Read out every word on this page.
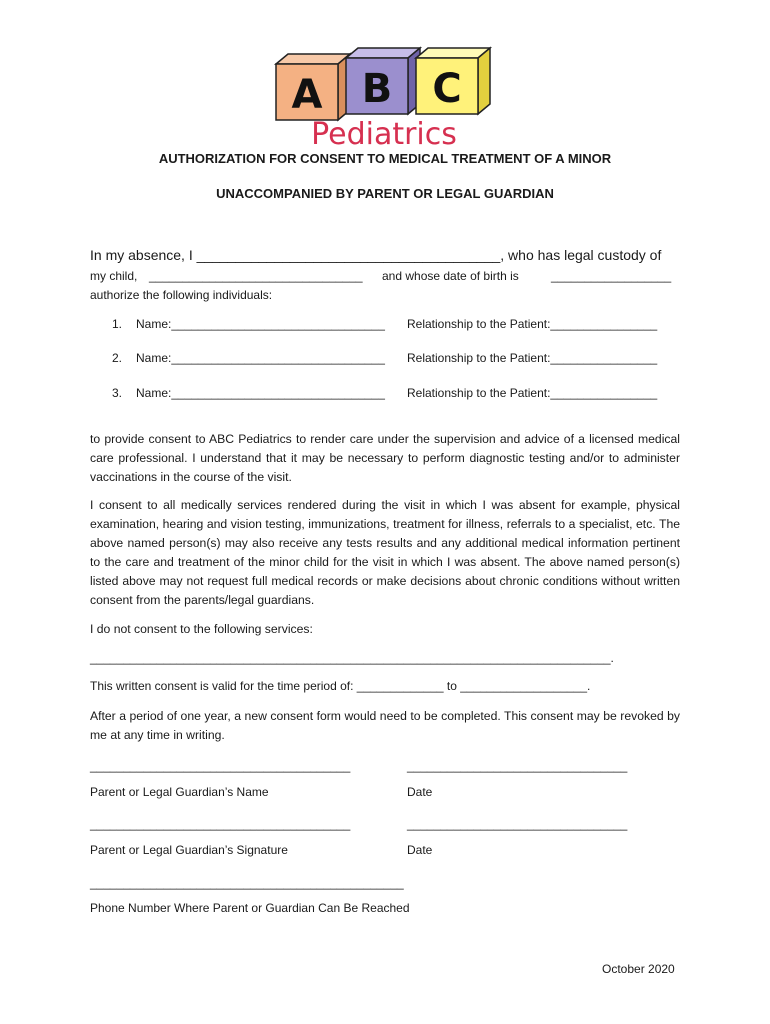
A B C
Pediatrics
AUTHORIZATION FOR CONSENT TO MEDICAL TREATMENT OF A MINOR
UNACCOMPANIED BY PARENT OR LEGAL GUARDIAN
In my absence, I _______________________________________, who has legal custody of
my child, ________________________________ and whose date of birth is	__________________
authorize the following individuals:
1. Name:________________________________ Relationship to the Patient:________________
2. Name:________________________________ Relationship to the Patient:________________
3. Name:________________________________ Relationship to the Patient:________________
to provide consent to ABC Pediatrics to render care under the supervision and advice of a licensed medical care professional. I understand that it may be necessary to perform diagnostic testing and/or to administer vaccinations in the course of the visit.
I consent to all medically services rendered during the visit in which I was absent for example, physical examination, hearing and vision testing, immunizations, treatment for illness, referrals to a specialist, etc. The above named person(s) may also receive any tests results and any additional medical information pertinent to the care and treatment of the minor child for the visit in which I was absent. The above named person(s) listed above may not request full medical records or make decisions about chronic conditions without written consent from the parents/legal guardians.
I do not consent to the following services:
______________________________________________________________________________.
This written consent is valid for the time period of: _____________ to ___________________.
After a period of one year, a new consent form would need to be completed. This consent may be revoked by me at any time in writing.
_______________________________________	_________________________________
Parent or Legal Guardian’s Name	Date
_______________________________________	_________________________________
Parent or Legal Guardian’s Signature	Date
_______________________________________________
Phone Number Where Parent or Guardian Can Be Reached
October 2020
